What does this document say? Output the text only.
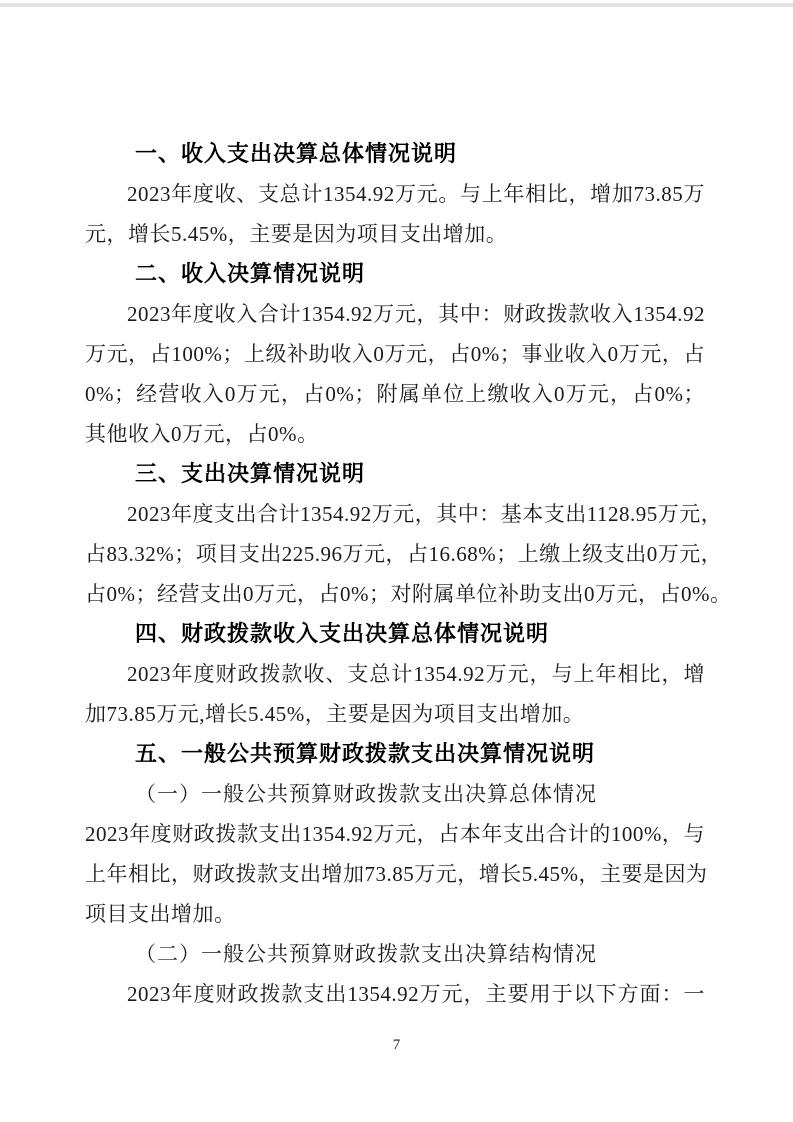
一、收入支出决算总体情况说明
2023年度收、支总计1354.92万元。与上年相比，增加73.85万
元，增长5.45%，主要是因为项目支出增加。
二、收入决算情况说明
2023年度收入合计1354.92万元，其中：财政拨款收入1354.92
万元，占100%；上级补助收入0万元，占0%；事业收入0万元，占
0%；经营收入0万元，占0%；附属单位上缴收入0万元，占0%；
其他收入0万元，占0%。
三、支出决算情况说明
2023年度支出合计1354.92万元，其中：基本支出1128.95万元，
占83.32%；项目支出225.96万元，占16.68%；上缴上级支出0万元，
占0%；经营支出0万元，占0%；对附属单位补助支出0万元，占0%。
四、财政拨款收入支出决算总体情况说明
2023年度财政拨款收、支总计1354.92万元，与上年相比，增
加73.85万元,增长5.45%，主要是因为项目支出增加。
五、一般公共预算财政拨款支出决算情况说明
（一）一般公共预算财政拨款支出决算总体情况
2023年度财政拨款支出1354.92万元，占本年支出合计的100%，与
上年相比，财政拨款支出增加73.85万元，增长5.45%，主要是因为
项目支出增加。
（二）一般公共预算财政拨款支出决算结构情况
2023年度财政拨款支出1354.92万元，主要用于以下方面：一
7
